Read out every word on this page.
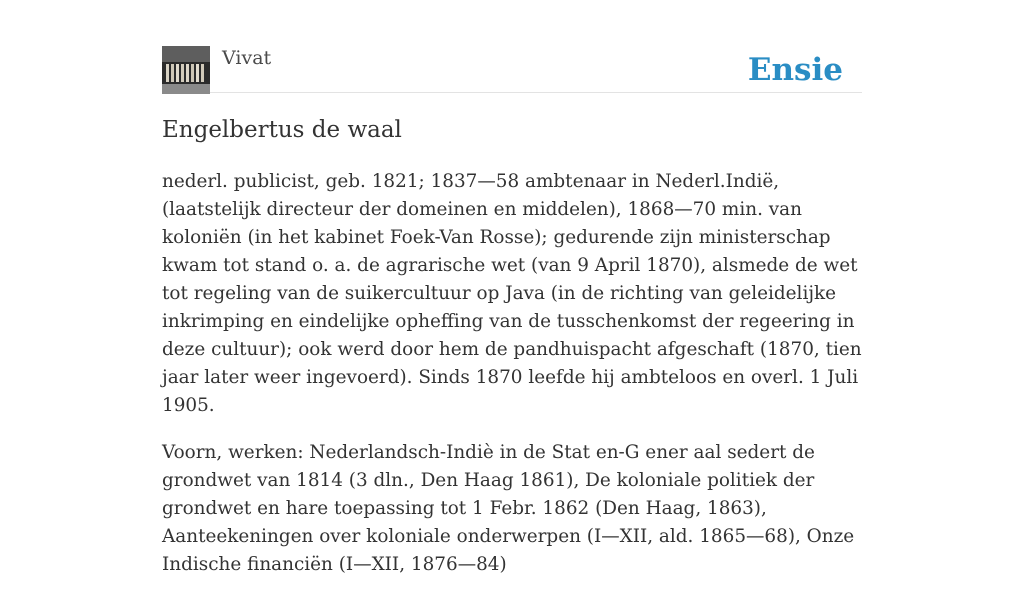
Vivat	Ensie
Engelbertus de waal

nederl. publicist, geb. 1821; 1837—58 ambtenaar in Nederl.Indië, (laatstelijk directeur der domeinen en middelen), 1868—70 min. van koloniën (in het kabinet Foek-Van Rosse); gedurende zijn ministerschap kwam tot stand o. a. de agrarische wet (van 9 April 1870), alsmede de wet tot regeling van de suikercultuur op Java (in de richting van geleidelijke inkrimping en eindelijke opheffing van de tusschenkomst der regeering in deze cultuur); ook werd door hem de pandhuispacht afgeschaft (1870, tien jaar later weer ingevoerd). Sinds 1870 leefde hij ambteloos en overl. 1 Juli 1905.

Voorn, werken: Nederlandsch-Indiè in de Stat en-G ener aal sedert de grondwet van 1814 (3 dln., Den Haag 1861), De koloniale politiek der grondwet en hare toepassing tot 1 Febr. 1862 (Den Haag, 1863), Aanteekeningen over koloniale onderwerpen (I—XII, ald. 1865—68), Onze Indische financiën (I—XII, 1876—84)
